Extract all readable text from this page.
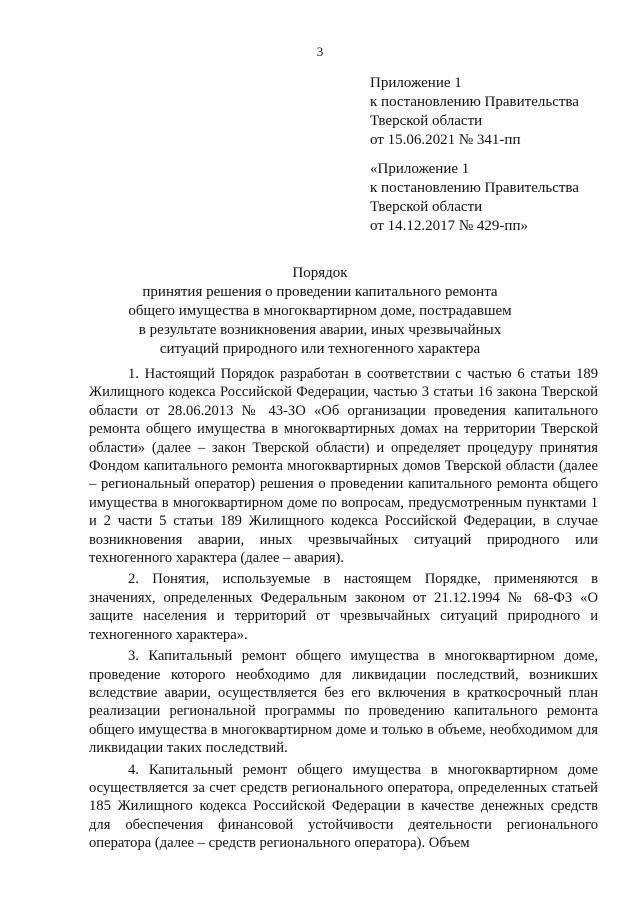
3
Приложение 1
к постановлению Правительства
Тверской области
от 15.06.2021 № 341-пп
«Приложение 1
к постановлению Правительства
Тверской области
от 14.12.2017 № 429-пп»
Порядок
принятия решения о проведении капитального ремонта
общего имущества в многоквартирном доме, пострадавшем
в результате возникновения аварии, иных чрезвычайных
ситуаций природного или техногенного характера

1. Настоящий Порядок разработан в соответствии с частью 6 статьи 189 Жилищного кодекса Российской Федерации, частью 3 статьи 16 закона Тверской области от 28.06.2013 № 43-ЗО «Об организации проведения капитального ремонта общего имущества в многоквартирных домах на территории Тверской области» (далее – закон Тверской области) и определяет процедуру принятия Фондом капитального ремонта многоквартирных домов Тверской области (далее – региональный оператор) решения о проведении капитального ремонта общего имущества в многоквартирном доме по вопросам, предусмотренным пунктами 1 и 2 части 5 статьи 189 Жилищного кодекса Российской Федерации, в случае возникновения аварии, иных чрезвычайных ситуаций природного или техногенного характера (далее – авария).

2. Понятия, используемые в настоящем Порядке, применяются в значениях, определенных Федеральным законом от 21.12.1994 № 68-ФЗ «О защите населения и территорий от чрезвычайных ситуаций природного и техногенного характера».

3. Капитальный ремонт общего имущества в многоквартирном доме, проведение которого необходимо для ликвидации последствий, возникших вследствие аварии, осуществляется без его включения в краткосрочный план реализации региональной программы по проведению капитального ремонта общего имущества в многоквартирном доме и только в объеме, необходимом для ликвидации таких последствий.

4. Капитальный ремонт общего имущества в многоквартирном доме осуществляется за счет средств регионального оператора, определенных статьей 185 Жилищного кодекса Российской Федерации в качестве денежных средств для обеспечения финансовой устойчивости деятельности регионального оператора (далее – средств регионального оператора). Объем
